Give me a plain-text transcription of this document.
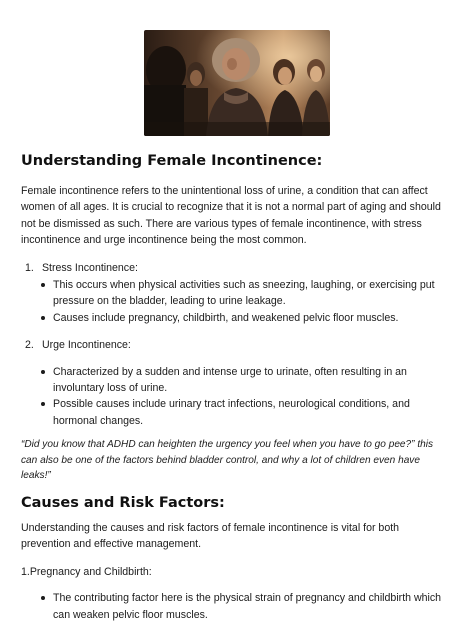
Understanding Female Incontinence:

Female incontinence refers to the unintentional loss of urine, a condition that can affect women of all ages. It is crucial to recognize that it is not a normal part of aging and should not be dismissed as such. There are various types of female incontinence, with stress incontinence and urge incontinence being the most common.

1. Stress Incontinence:
This occurs when physical activities such as sneezing, laughing, or exercising put pressure on the bladder, leading to urine leakage.
Causes include pregnancy, childbirth, and weakened pelvic floor muscles.
2. Urge Incontinence:
Characterized by a sudden and intense urge to urinate, often resulting in an involuntary loss of urine.
Possible causes include urinary tract infections, neurological conditions, and hormonal changes.

“Did you know that ADHD can heighten the urgency you feel when you have to go pee?” this can also be one of the factors behind bladder control, and why a lot of children even have leaks!”

Causes and Risk Factors:

Understanding the causes and risk factors of female incontinence is vital for both prevention and effective management.

1.Pregnancy and Childbirth:

The contributing factor here is the physical strain of pregnancy and childbirth which can weaken pelvic floor muscles.
